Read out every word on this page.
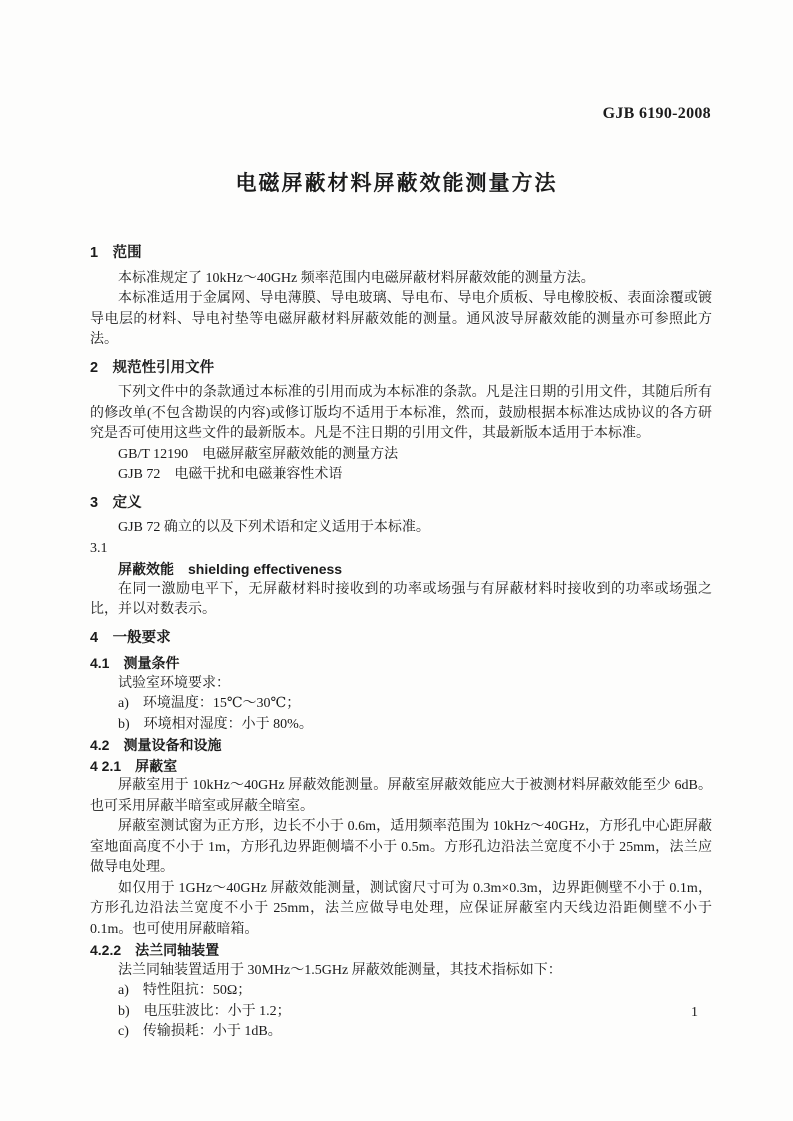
GJB 6190-2008
电磁屏蔽材料屏蔽效能测量方法

1　范围

本标准规定了 10kHz～40GHz 频率范围内电磁屏蔽材料屏蔽效能的测量方法。

本标准适用于金属网、导电薄膜、导电玻璃、导电布、导电介质板、导电橡胶板、表面涂覆或镀导电层的材料、导电衬垫等电磁屏蔽材料屏蔽效能的测量。通风波导屏蔽效能的测量亦可参照此方法。

2　规范性引用文件

下列文件中的条款通过本标准的引用而成为本标准的条款。凡是注日期的引用文件，其随后所有的修改单(不包含勘误的内容)或修订版均不适用于本标准，然而，鼓励根据本标准达成协议的各方研究是否可使用这些文件的最新版本。凡是不注日期的引用文件，其最新版本适用于本标准。

GB/T 12190　电磁屏蔽室屏蔽效能的测量方法

GJB 72　电磁干扰和电磁兼容性术语

3　定义

GJB 72 确立的以及下列术语和定义适用于本标准。

3.1

屏蔽效能　shielding effectiveness

在同一激励电平下，无屏蔽材料时接收到的功率或场强与有屏蔽材料时接收到的功率或场强之比，并以对数表示。

4　一般要求

4.1　测量条件

试验室环境要求：

a)　环境温度：15℃～30℃；

b)　环境相对湿度：小于 80%。

4.2　测量设备和设施

4 2.1　屏蔽室

屏蔽室用于 10kHz～40GHz 屏蔽效能测量。屏蔽室屏蔽效能应大于被测材料屏蔽效能至少 6dB。也可采用屏蔽半暗室或屏蔽全暗室。

屏蔽室测试窗为正方形，边长不小于 0.6m，适用频率范围为 10kHz～40GHz，方形孔中心距屏蔽室地面高度不小于 1m，方形孔边界距侧墙不小于 0.5m。方形孔边沿法兰宽度不小于 25mm，法兰应做导电处理。

如仅用于 1GHz～40GHz 屏蔽效能测量，测试窗尺寸可为 0.3m×0.3m，边界距侧壁不小于 0.1m，方形孔边沿法兰宽度不小于 25mm，法兰应做导电处理，应保证屏蔽室内天线边沿距侧壁不小于 0.1m。也可使用屏蔽暗箱。

4.2.2　法兰同轴装置

法兰同轴装置适用于 30MHz～1.5GHz 屏蔽效能测量，其技术指标如下：

a)　特性阻抗：50Ω；

b)　电压驻波比：小于 1.2；

c)　传输损耗：小于 1dB。

1
